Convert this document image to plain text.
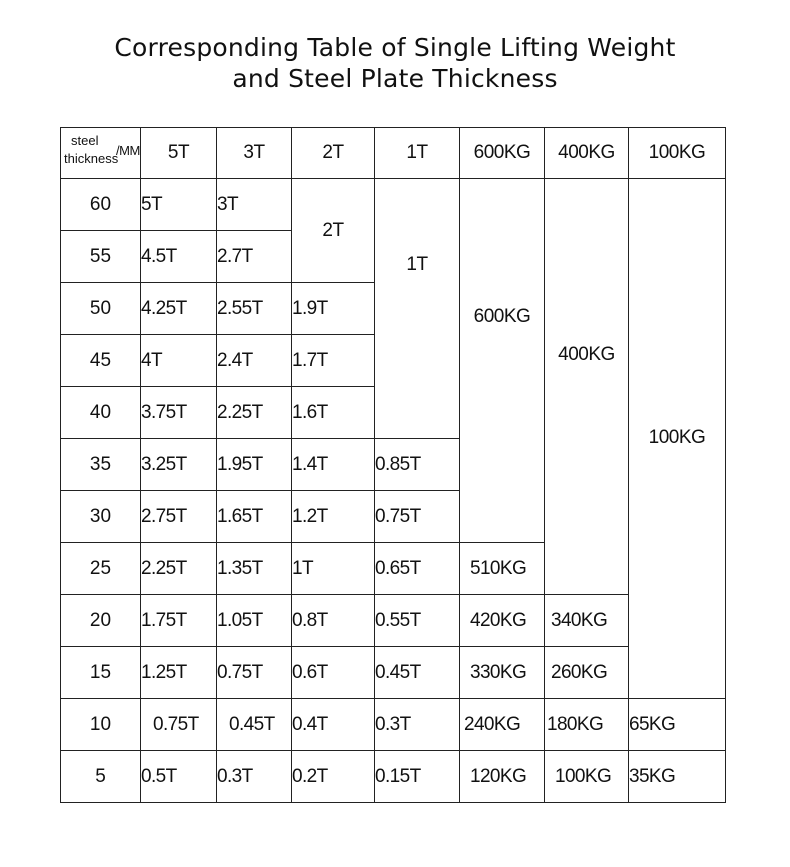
Corresponding Table of Single Lifting Weight
and Steel Plate Thickness
steel
/MM
thickness	5T	3T	2T	1T	600KG	400KG	100KG
60	5T	3T	2T	1T	600KG	400KG	100KG
55	4.5T	2.7T					
50	4.25T	2.55T	1.9T				
45	4T	2.4T	1.7T				
40	3.75T	2.25T	1.6T				
35	3.25T	1.95T	1.4T	0.85T			
30	2.75T	1.65T	1.2T	0.75T			
25	2.25T	1.35T	1T	0.65T	510KG		
20	1.75T	1.05T	0.8T	0.55T	420KG	340KG	
15	1.25T	0.75T	0.6T	0.45T	330KG	260KG	
10	0.75T	0.45T	0.4T	0.3T	240KG	180KG	65KG
5	0.5T	0.3T	0.2T	0.15T	120KG	100KG	35KG
